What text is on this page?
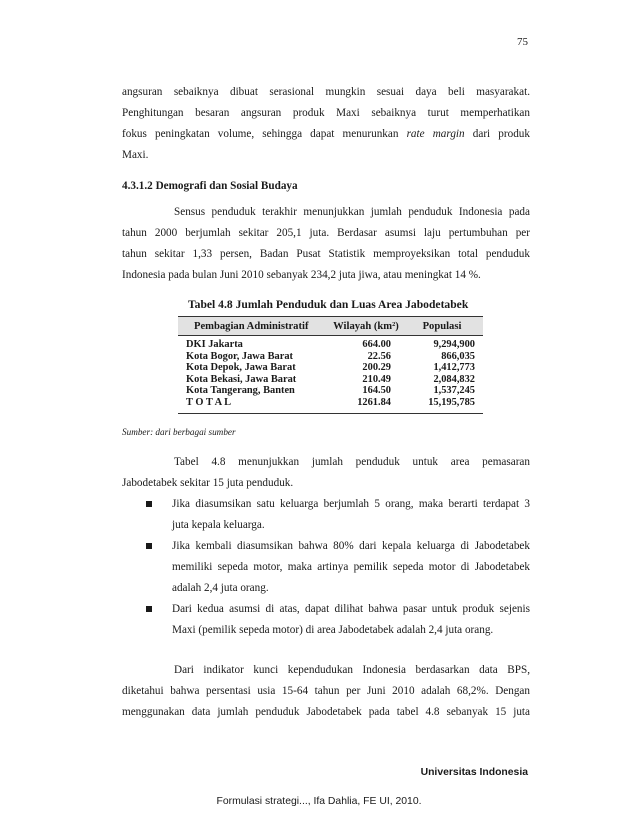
75
angsuran sebaiknya dibuat serasional mungkin sesuai daya beli masyarakat.
Penghitungan besaran angsuran produk Maxi sebaiknya turut memperhatikan
fokus peningkatan volume, sehingga dapat menurunkan rate margin dari produk
Maxi.
4.3.1.2 Demografi dan Sosial Budaya
Sensus penduduk terakhir menunjukkan jumlah penduduk Indonesia pada
tahun 2000 berjumlah sekitar 205,1 juta. Berdasar asumsi laju pertumbuhan per
tahun sekitar 1,33 persen, Badan Pusat Statistik memproyeksikan total penduduk
Indonesia pada bulan Juni 2010 sebanyak 234,2 juta jiwa, atau meningkat 14 %.
Tabel 4.8 Jumlah Penduduk dan Luas Area Jabodetabek
Pembagian Administratif	Wilayah (km²)	Populasi
DKI Jakarta	664.00	9,294,900
Kota Bogor, Jawa Barat	22.56	866,035
Kota Depok, Jawa Barat	200.29	1,412,773
Kota Bekasi, Jawa Barat	210.49	2,084,832
Kota Tangerang, Banten	164.50	1,537,245
T O T A L	1261.84	15,195,785
Sumber: dari berbagai sumber
Tabel 4.8 menunjukkan jumlah penduduk untuk area pemasaran
Jabodetabek sekitar 15 juta penduduk.
Jika diasumsikan satu keluarga berjumlah 5 orang, maka berarti terdapat 3
juta kepala keluarga.
Jika kembali diasumsikan bahwa 80% dari kepala keluarga di Jabodetabek
memiliki sepeda motor, maka artinya pemilik sepeda motor di Jabodetabek
adalah 2,4 juta orang.
Dari kedua asumsi di atas, dapat dilihat bahwa pasar untuk produk sejenis
Maxi (pemilik sepeda motor) di area Jabodetabek adalah 2,4 juta orang.
Dari indikator kunci kependudukan Indonesia berdasarkan data BPS,
diketahui bahwa persentasi usia 15-64 tahun per Juni 2010 adalah 68,2%. Dengan
menggunakan data jumlah penduduk Jabodetabek pada tabel 4.8 sebanyak 15 juta
Universitas Indonesia
Formulasi strategi..., Ifa Dahlia, FE UI, 2010.
